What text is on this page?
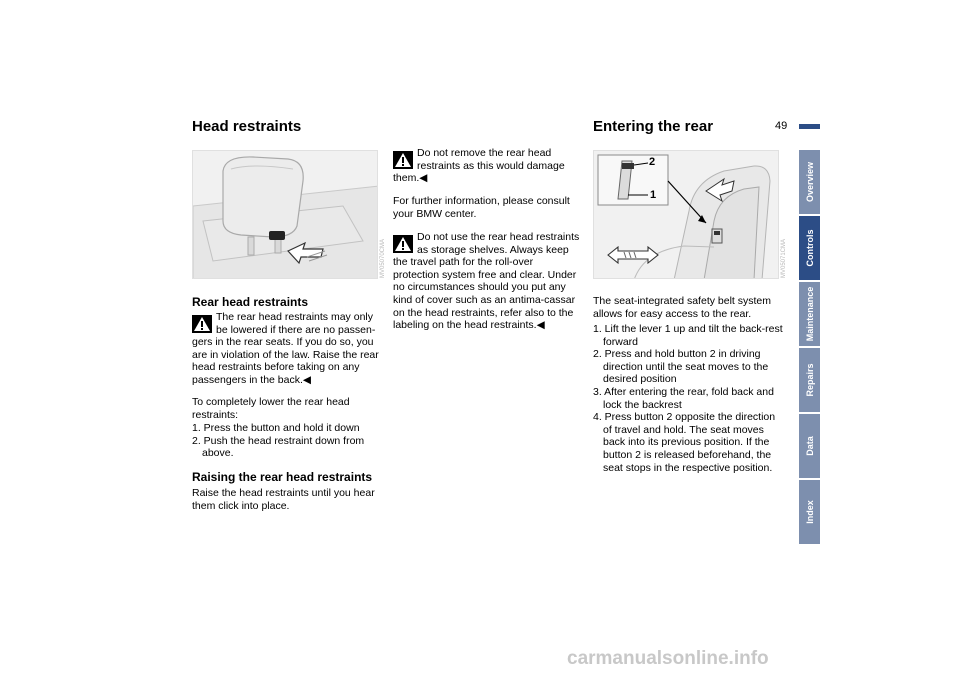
49
Head restraints
MV05070CMA
Rear head restraints

The rear head restraints may only be lowered if there are no passen-gers in the rear seats. If you do so, you are in violation of the law. Raise the rear head restraints before taking on any passengers in the back.◀

To completely lower the rear head restraints:

1. Press the button and hold it down
2. Push the head restraint down from above.
Raising the rear head restraints

Raise the head restraints until you hear them click into place.

Do not remove the rear head restraints as this would damage them.◀

For further information, please consult your BMW center.

Do not use the rear head restraints as storage shelves. Always keep the travel path for the roll-over protection system free and clear. Under no circumstances should you put any kind of cover such as an antima-cassar on the head restraints, refer also to the labeling on the head restraints.◀

Entering the rear
2
1
MV05071CMA

The seat-integrated safety belt system allows for easy access to the rear.

1. Lift the lever 1 up and tilt the back-rest forward
2. Press and hold button 2 in driving direction until the seat moves to the desired position
3. After entering the rear, fold back and lock the backrest
4. Press button 2 opposite the direction of travel and hold. The seat moves back into its previous position. If the button 2 is released beforehand, the seat stops in the respective position.
Overview
Controls
Maintenance
Repairs
Data
Index
carmanualsonline.info
